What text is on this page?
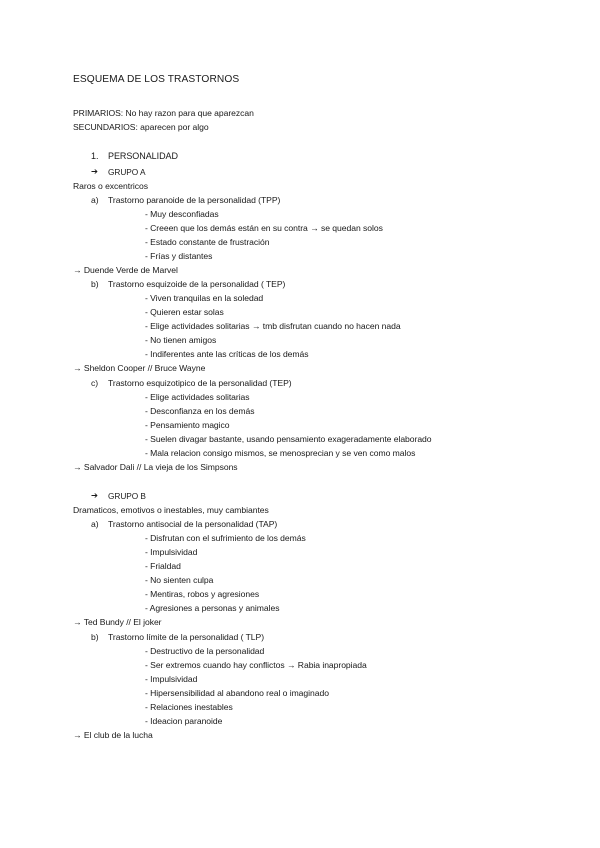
ESQUEMA DE LOS TRASTORNOS
PRIMARIOS: No hay razon para que aparezcan
SECUNDARIOS: aparecen por algo
1. PERSONALIDAD
➔ GRUPO A
Raros o excentricos
a) Trastorno paranoide de la personalidad (TPP)
- Muy desconfiadas
- Creeen que los demás están en su contra → se quedan solos
- Estado constante de frustración
- Frías y distantes
→ Duende Verde de Marvel
b) Trastorno esquizoide de la personalidad ( TEP)
- Viven tranquilas en la soledad
- Quieren estar solas
- Elige actividades solitarias → tmb disfrutan cuando no hacen nada
- No tienen amigos
- Indiferentes ante las críticas de los demás
→ Sheldon Cooper // Bruce Wayne
c) Trastorno esquizotipico de la personalidad (TEP)
- Elige actividades solitarias
- Desconfianza en los demás
- Pensamiento magico
- Suelen divagar bastante, usando pensamiento exageradamente elaborado
- Mala relacion consigo mismos, se menosprecian y se ven como malos
→ Salvador Dali // La vieja de los Simpsons
➔ GRUPO B
Dramaticos, emotivos o inestables, muy cambiantes
a) Trastorno antisocial de la personalidad (TAP)
- Disfrutan con el sufrimiento de los demás
- Impulsividad
- Frialdad
- No sienten culpa
- Mentiras, robos y agresiones
- Agresiones a personas y animales
→ Ted Bundy // El joker
b) Trastorno límite de la personalidad ( TLP)
- Destructivo de la personalidad
- Ser extremos cuando hay conflictos → Rabia inapropiada
- Impulsividad
- Hipersensibilidad al abandono real o imaginado
- Relaciones inestables
- Ideacion paranoide
→ El club de la lucha
